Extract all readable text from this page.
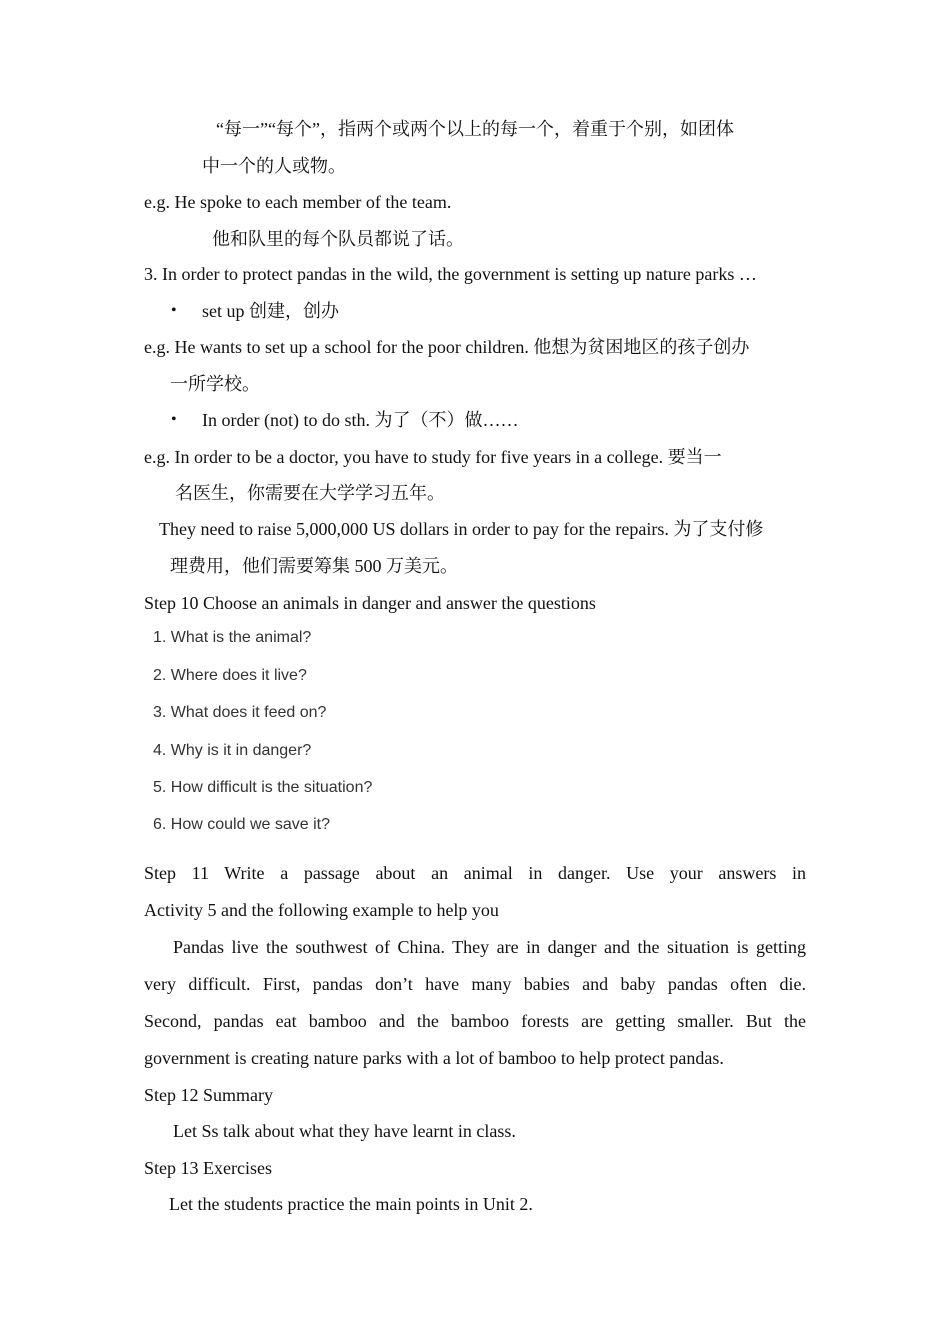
“每一”“每个”，指两个或两个以上的每一个，着重于个别，如团体
中一个的人或物。
e.g. He spoke to each member of the team.
他和队里的每个队员都说了话。
3. In order to protect pandas in the wild, the government is setting up nature parks …
• set up 创建，创办
e.g. He wants to set up a school for the poor children. 他想为贫困地区的孩子创办
一所学校。
• In order (not) to do sth. 为了（不）做……
e.g. In order to be a doctor, you have to study for five years in a college. 要当一
名医生，你需要在大学学习五年。
They need to raise 5,000,000 US dollars in order to pay for the repairs. 为了支付修
理费用，他们需要筹集 500 万美元。
Step 10 Choose an animals in danger and answer the questions
1. What is the animal?
2. Where does it live?
3. What does it feed on?
4. Why is it in danger?
5. How difficult is the situation?
6. How could we save it?
Step 11 Write a passage about an animal in danger. Use your answers in
Activity 5 and the following example to help you
Pandas live the southwest of China. They are in danger and the situation is getting
very difficult. First, pandas don’t have many babies and baby pandas often die.
Second, pandas eat bamboo and the bamboo forests are getting smaller. But the
government is creating nature parks with a lot of bamboo to help protect pandas.
Step 12 Summary
Let Ss talk about what they have learnt in class.
Step 13 Exercises
Let the students practice the main points in Unit 2.
